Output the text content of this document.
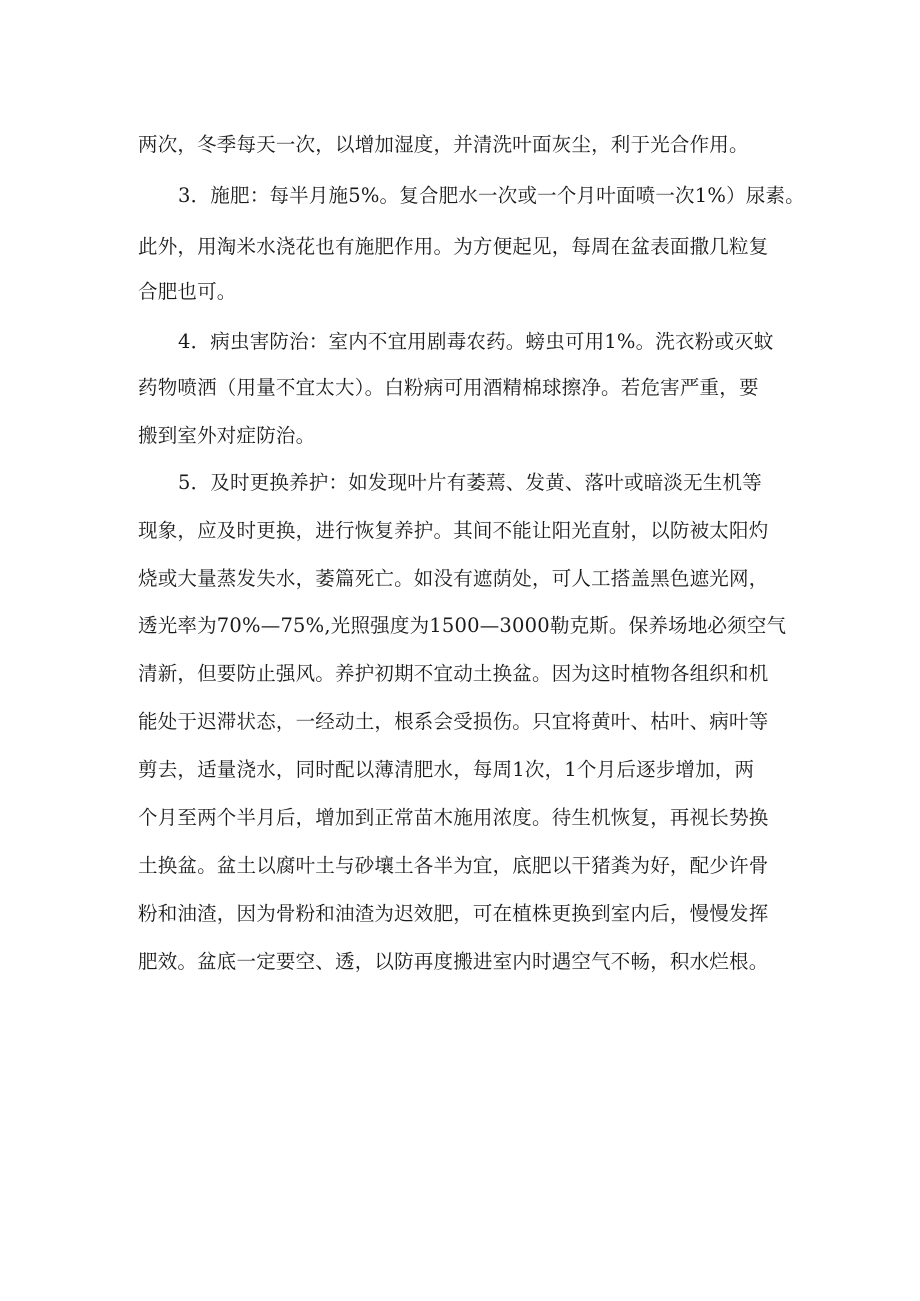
两次，冬季每天一次，以增加湿度，并清洗叶面灰尘，利于光合作用。
3．施肥：每半月施5%。复合肥水一次或一个月叶面喷一次1%）尿素。
此外，用淘米水浇花也有施肥作用。为方便起见，每周在盆表面撒几粒复
合肥也可。
4．病虫害防治：室内不宜用剧毒农药。螃虫可用1%。洗衣粉或灭蚊
药物喷洒（用量不宜太大）。白粉病可用酒精棉球擦净。若危害严重，要
搬到室外对症防治。
5．及时更换养护：如发现叶片有萎蔫、发黄、落叶或暗淡无生机等
现象，应及时更换，进行恢复养护。其间不能让阳光直射，以防被太阳灼
烧或大量蒸发失水，萎篇死亡。如没有遮荫处，可人工搭盖黑色遮光网，
透光率为70%—75%,光照强度为1500—3000勒克斯。保养场地必须空气
清新，但要防止强风。养护初期不宜动土换盆。因为这时植物各组织和机
能处于迟滞状态，一经动土，根系会受损伤。只宜将黄叶、枯叶、病叶等
剪去，适量浇水，同时配以薄清肥水，每周1次，1个月后逐步增加，两
个月至两个半月后，增加到正常苗木施用浓度。待生机恢复，再视长势换
土换盆。盆土以腐叶土与砂壤土各半为宜，底肥以干猪粪为好，配少许骨
粉和油渣，因为骨粉和油渣为迟效肥，可在植株更换到室内后，慢慢发挥
肥效。盆底一定要空、透，以防再度搬进室内时遇空气不畅，积水烂根。
